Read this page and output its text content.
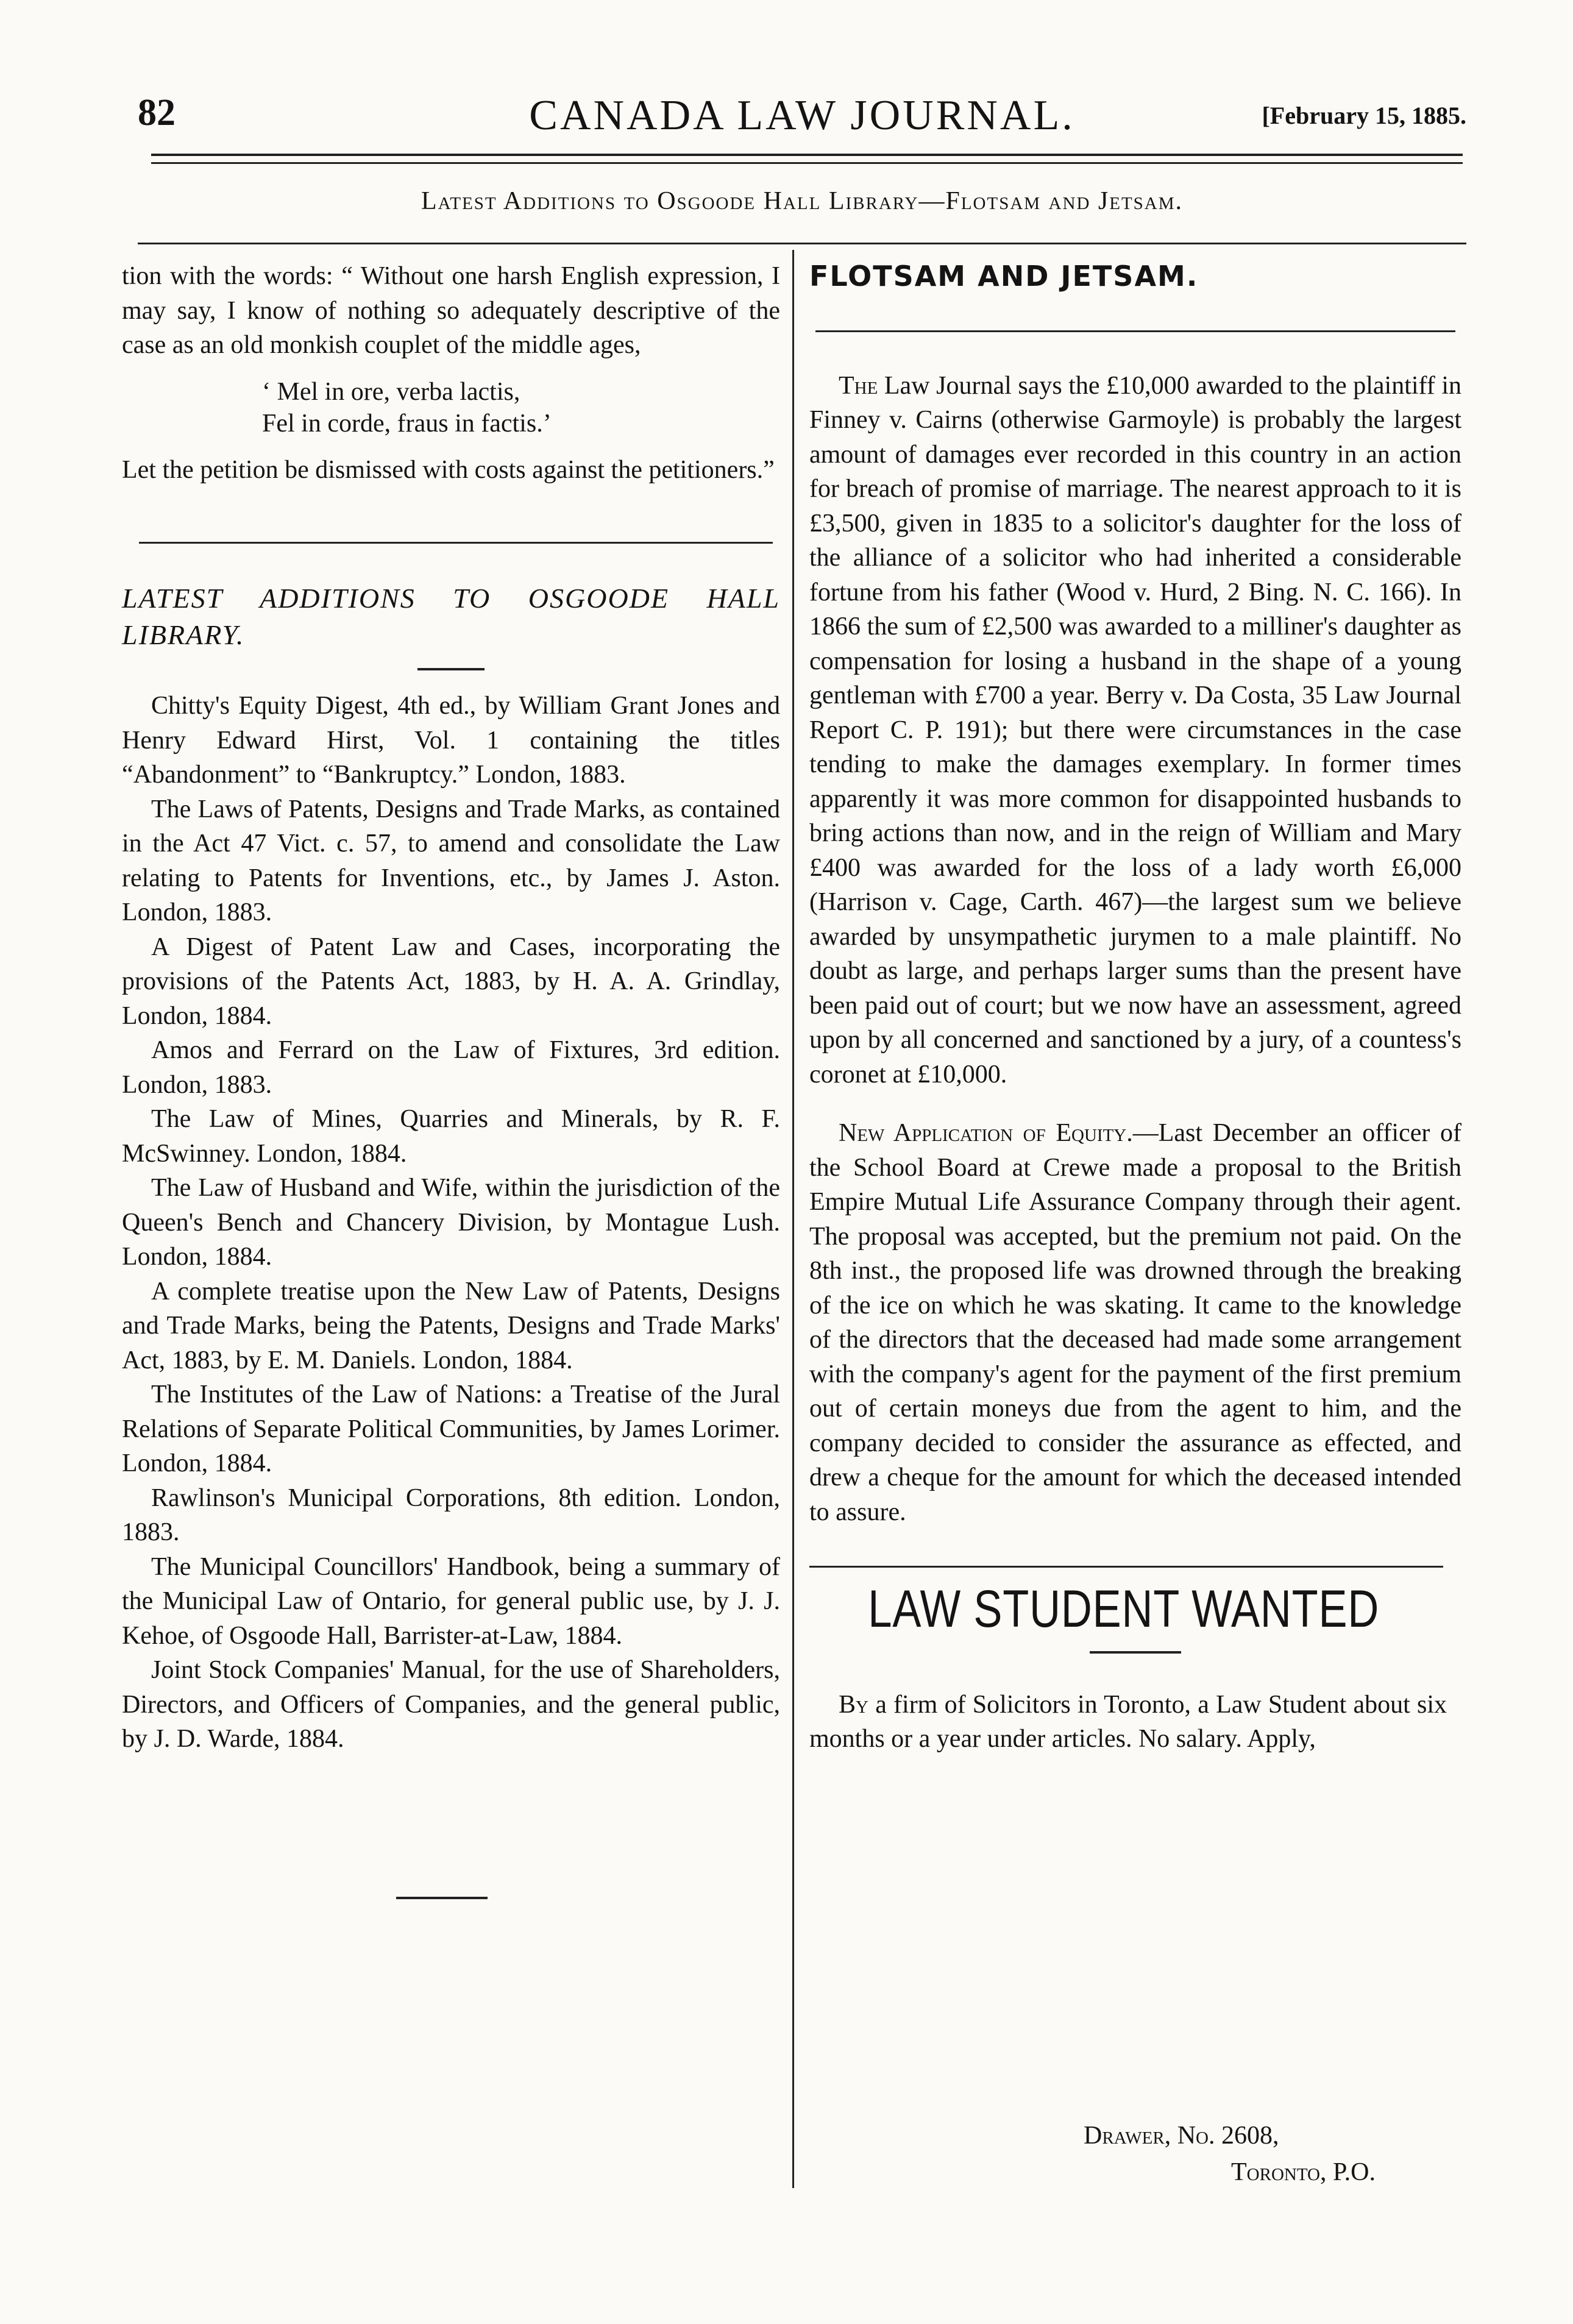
82	CANADA LAW JOURNAL.	[February 15, 1885.
Latest Additions to Osgoode Hall Library—Flotsam and Jetsam.

tion with the words: “ Without one harsh English expression, I may say, I know of nothing so adequately descriptive of the case as an old monkish couplet of the middle ages,

‘ Mel in ore, verba lactis,
Fel in corde, fraus in factis.’

Let the petition be dismissed with costs against the petitioners.”

LATEST ADDITIONS TO OSGOODE HALL LIBRARY.

Chitty's Equity Digest, 4th ed., by William Grant Jones and Henry Edward Hirst, Vol. 1 containing the titles “Abandonment” to “Bankruptcy.” London, 1883.

The Laws of Patents, Designs and Trade Marks, as contained in the Act 47 Vict. c. 57, to amend and consolidate the Law relating to Patents for Inventions, etc., by James J. Aston. London, 1883.

A Digest of Patent Law and Cases, incorporating the provisions of the Patents Act, 1883, by H. A. A. Grindlay, London, 1884.

Amos and Ferrard on the Law of Fixtures, 3rd edition. London, 1883.

The Law of Mines, Quarries and Minerals, by R. F. McSwinney. London, 1884.

The Law of Husband and Wife, within the jurisdiction of the Queen's Bench and Chancery Division, by Montague Lush. London, 1884.

A complete treatise upon the New Law of Patents, Designs and Trade Marks, being the Patents, Designs and Trade Marks' Act, 1883, by E. M. Daniels. London, 1884.

The Institutes of the Law of Nations: a Treatise of the Jural Relations of Separate Political Communities, by James Lorimer. London, 1884.

Rawlinson's Municipal Corporations, 8th edition. London, 1883.

The Municipal Councillors' Handbook, being a summary of the Municipal Law of Ontario, for general public use, by J. J. Kehoe, of Osgoode Hall, Barrister-at-Law, 1884.

Joint Stock Companies' Manual, for the use of Shareholders, Directors, and Officers of Companies, and the general public, by J. D. Warde, 1884.

FLOTSAM AND JETSAM.

The Law Journal says the £10,000 awarded to the plaintiff in Finney v. Cairns (otherwise Garmoyle) is probably the largest amount of damages ever recorded in this country in an action for breach of promise of marriage. The nearest approach to it is £3,500, given in 1835 to a solicitor's daughter for the loss of the alliance of a solicitor who had inherited a considerable fortune from his father (Wood v. Hurd, 2 Bing. N. C. 166). In 1866 the sum of £2,500 was awarded to a milliner's daughter as compensation for losing a husband in the shape of a young gentleman with £700 a year. Berry v. Da Costa, 35 Law Journal Report C. P. 191); but there were circumstances in the case tending to make the damages exemplary. In former times apparently it was more common for disappointed husbands to bring actions than now, and in the reign of William and Mary £400 was awarded for the loss of a lady worth £6,000 (Harrison v. Cage, Carth. 467)—the largest sum we believe awarded by unsympathetic jurymen to a male plaintiff. No doubt as large, and perhaps larger sums than the present have been paid out of court; but we now have an assessment, agreed upon by all concerned and sanctioned by a jury, of a countess's coronet at £10,000.

New Application of Equity.—Last December an officer of the School Board at Crewe made a proposal to the British Empire Mutual Life Assurance Company through their agent. The proposal was accepted, but the premium not paid. On the 8th inst., the proposed life was drowned through the breaking of the ice on which he was skating. It came to the knowledge of the directors that the deceased had made some arrangement with the company's agent for the payment of the first premium out of certain moneys due from the agent to him, and the company decided to consider the assurance as effected, and drew a cheque for the amount for which the deceased intended to assure.

LAW STUDENT WANTED

By a firm of Solicitors in Toronto, a Law Student about six months or a year under articles. No salary. Apply,

Drawer, No. 2608,
Toronto, P.O.
